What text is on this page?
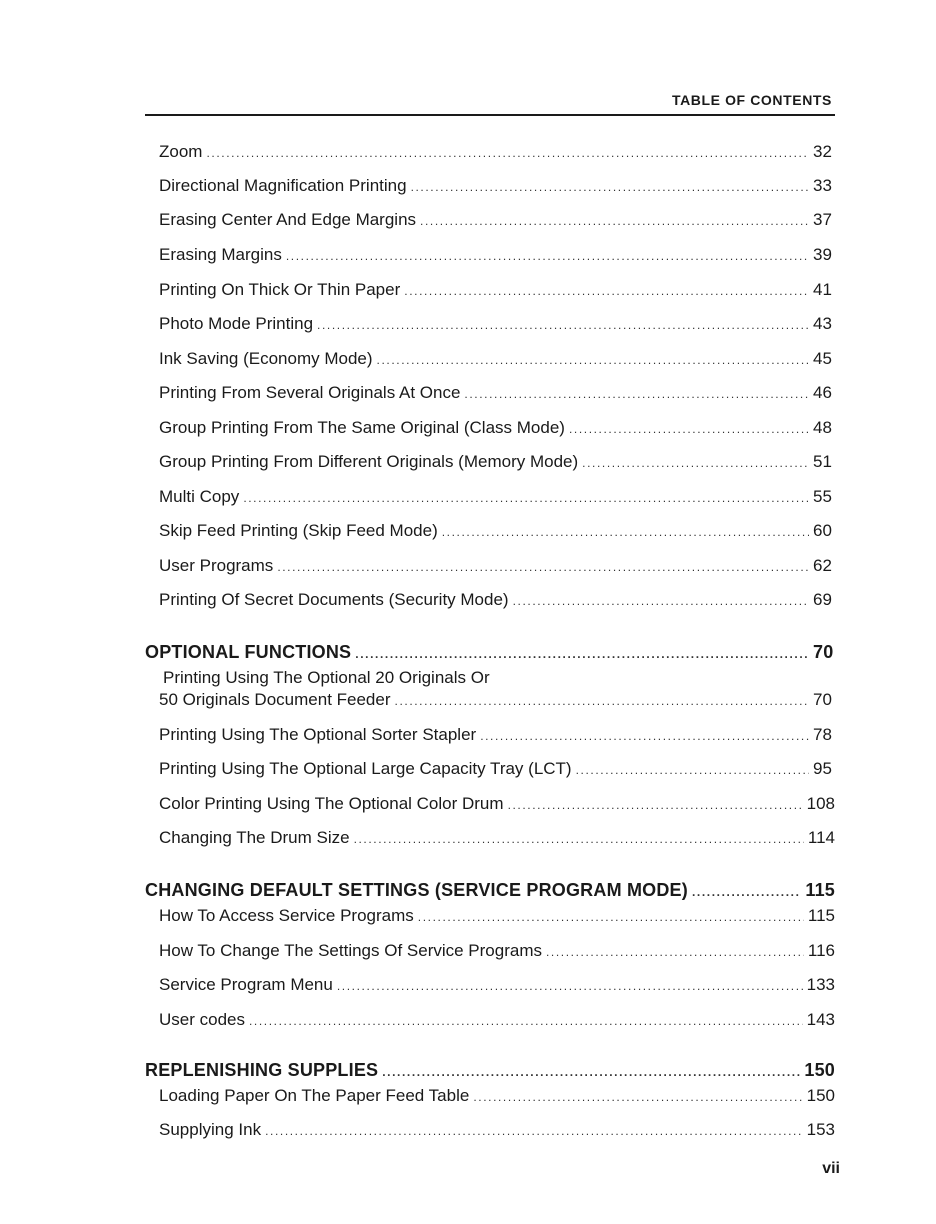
TABLE OF CONTENTS
Zoom .....	32
Directional Magnification Printing .....	33
Erasing Center And Edge Margins .....	37
Erasing Margins .....	39
Printing On Thick Or Thin Paper .....	41
Photo Mode Printing .....	43
Ink Saving (Economy Mode) .....	45
Printing From Several Originals At Once .....	46
Group Printing From The Same Original (Class Mode) .....	48
Group Printing From Different Originals (Memory Mode) .....	51
Multi Copy .....	55
Skip Feed Printing (Skip Feed Mode) .....	60
User Programs .....	62
Printing Of Secret Documents (Security Mode) .....	69
OPTIONAL FUNCTIONS .....	70
Printing Using The Optional 20 Originals Or
50 Originals Document Feeder .....	70
Printing Using The Optional Sorter Stapler .....	78
Printing Using The Optional Large Capacity Tray (LCT) .....	95
Color Printing Using The Optional Color Drum .....	108
Changing The Drum Size .....	114
CHANGING DEFAULT SETTINGS (SERVICE PROGRAM MODE) .....	115
How To Access Service Programs .....	115
How To Change The Settings Of Service Programs .....	116
Service Program Menu .....	133
User codes .....	143
REPLENISHING SUPPLIES .....	150
Loading Paper On The Paper Feed Table .....	150
Supplying Ink .....	153
vii
